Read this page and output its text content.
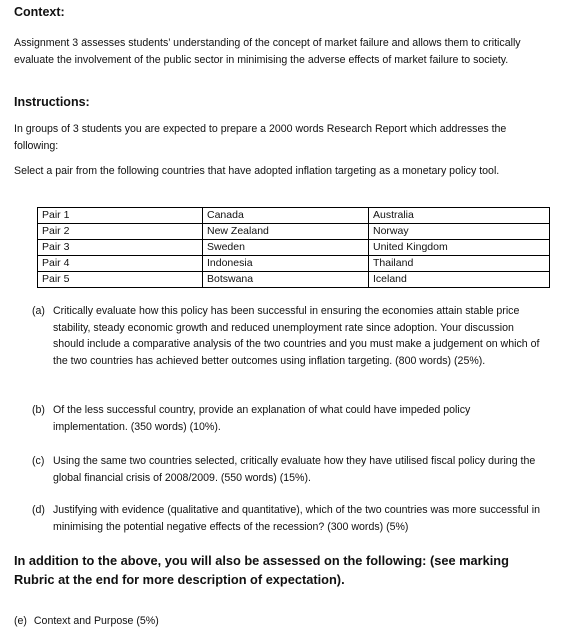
Context:
Assignment 3 assesses students’ understanding of the concept of market failure and allows them to critically evaluate the involvement of the public sector in minimising the adverse effects of market failure to society.
Instructions:
In groups of 3 students you are expected to prepare a 2000 words Research Report which addresses the following:
Select a pair from the following countries that have adopted inflation targeting as a monetary policy tool.
Pair 1	Canada	Australia
Pair 2	New Zealand	Norway
Pair 3	Sweden	United Kingdom
Pair 4	Indonesia	Thailand
Pair 5	Botswana	Iceland
(a) Critically evaluate how this policy has been successful in ensuring the economies attain stable price stability, steady economic growth and reduced unemployment rate since adoption. Your discussion should include a comparative analysis of the two countries and you must make a judgement on which of the two countries has achieved better outcomes using inflation targeting. (800 words) (25%).
(b) Of the less successful country, provide an explanation of what could have impeded policy implementation. (350 words) (10%).
(c) Using the same two countries selected, critically evaluate how they have utilised fiscal policy during the global financial crisis of 2008/2009. (550 words) (15%).
(d) Justifying with evidence (qualitative and quantitative), which of the two countries was more successful in minimising the potential negative effects of the recession? (300 words) (5%)
In addition to the above, you will also be assessed on the following: (see marking Rubric at the end for more description of expectation).
(e) Context and Purpose (5%)
